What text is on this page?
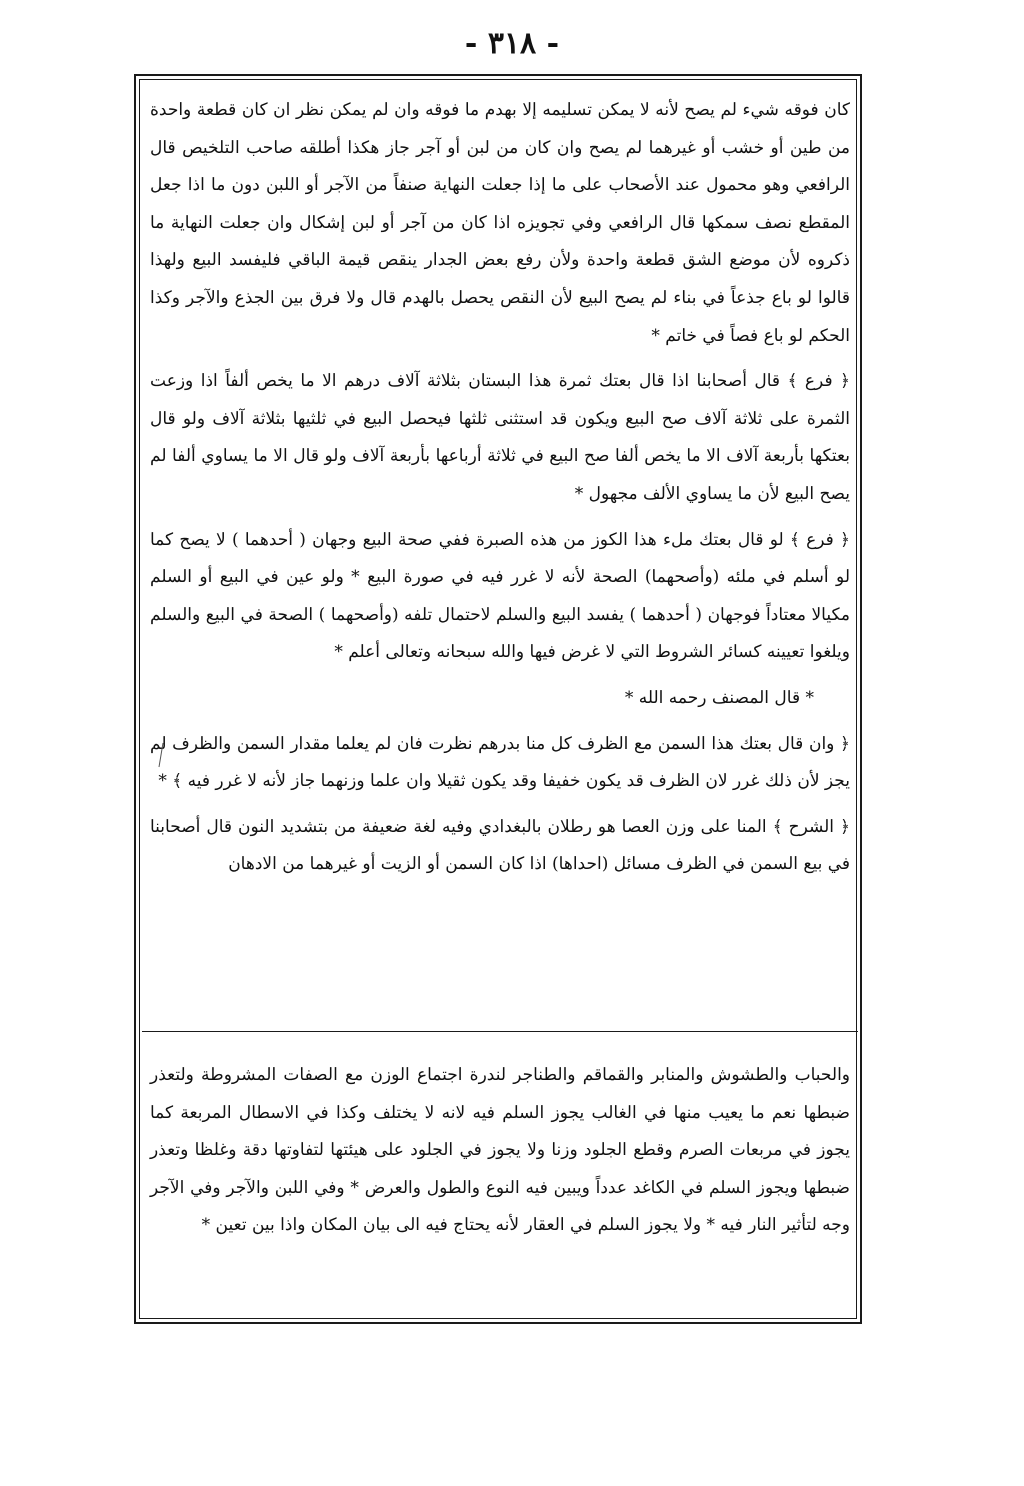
- ٣١٨ -

كان فوقه شيء لم يصح لأنه لا يمكن تسليمه إلا بهدم ما فوقه وان لم يمكن نظر ان كان قطعة واحدة من طين أو خشب أو غيرهما لم يصح وان كان من لبن أو آجر جاز هكذا أطلقه صاحب التلخيص قال الرافعي وهو محمول عند الأصحاب على ما إذا جعلت النهاية صنفاً من الآجر أو اللبن دون ما اذا جعل المقطع نصف سمكها قال الرافعي وفي تجويزه اذا كان من آجر أو لبن إشكال وان جعلت النهاية ما ذكروه لأن موضع الشق قطعة واحدة ولأن رفع بعض الجدار ينقص قيمة الباقي فليفسد البيع ولهذا قالوا لو باع جذعاً في بناء لم يصح البيع لأن النقص يحصل بالهدم قال ولا فرق بين الجذع والآجر وكذا الحكم لو باع فصاً في خاتم *

﴿ فرع ﴾ قال أصحابنا اذا قال بعتك ثمرة هذا البستان بثلاثة آلاف درهم الا ما يخص ألفاً اذا وزعت الثمرة على ثلاثة آلاف صح البيع ويكون قد استثنى ثلثها فيحصل البيع في ثلثيها بثلاثة آلاف ولو قال بعتكها بأربعة آلاف الا ما يخص ألفا صح البيع في ثلاثة أرباعها بأربعة آلاف ولو قال الا ما يساوي ألفا لم يصح البيع لأن ما يساوي الألف مجهول *

﴿ فرع ﴾ لو قال بعتك ملء هذا الكوز من هذه الصبرة ففي صحة البيع وجهان ( أحدهما ) لا يصح كما لو أسلم في ملئه (وأصحهما) الصحة لأنه لا غرر فيه في صورة البيع * ولو عين في البيع أو السلم مكيالا معتاداً فوجهان ( أحدهما ) يفسد البيع والسلم لاحتمال تلفه (وأصحهما ) الصحة في البيع والسلم ويلغوا تعيينه كسائر الشروط التي لا غرض فيها والله سبحانه وتعالى أعلم *

* قال المصنف رحمه الله *

﴿ وان قال بعتك هذا السمن مع الظرف كل منا بدرهم نظرت فان لم يعلما مقدار السمن والظرف لم يجز لأن ذلك غرر لان الظرف قد يكون خفيفا وقد يكون ثقيلا وان علما وزنهما جاز لأنه لا غرر فيه ﴾ *

﴿ الشرح ﴾ المنا على وزن العصا هو رطلان بالبغدادي وفيه لغة ضعيفة من بتشديد النون قال أصحابنا في بيع السمن في الظرف مسائل (احداها) اذا كان السمن أو الزيت أو غيرهما من الادهان

والحباب والطشوش والمنابر والقماقم والطناجر لندرة اجتماع الوزن مع الصفات المشروطة ولتعذر ضبطها نعم ما يعيب منها في الغالب يجوز السلم فيه لانه لا يختلف وكذا في الاسطال المربعة كما يجوز في مربعات الصرم وقطع الجلود وزنا ولا يجوز في الجلود على هيئتها لتفاوتها دقة وغلظا وتعذر ضبطها ويجوز السلم في الكاغد عدداً ويبين فيه النوع والطول والعرض * وفي اللبن والآجر وفي الآجر وجه لتأثير النار فيه * ولا يجوز السلم في العقار لأنه يحتاج فيه الى بيان المكان واذا بين تعين *
